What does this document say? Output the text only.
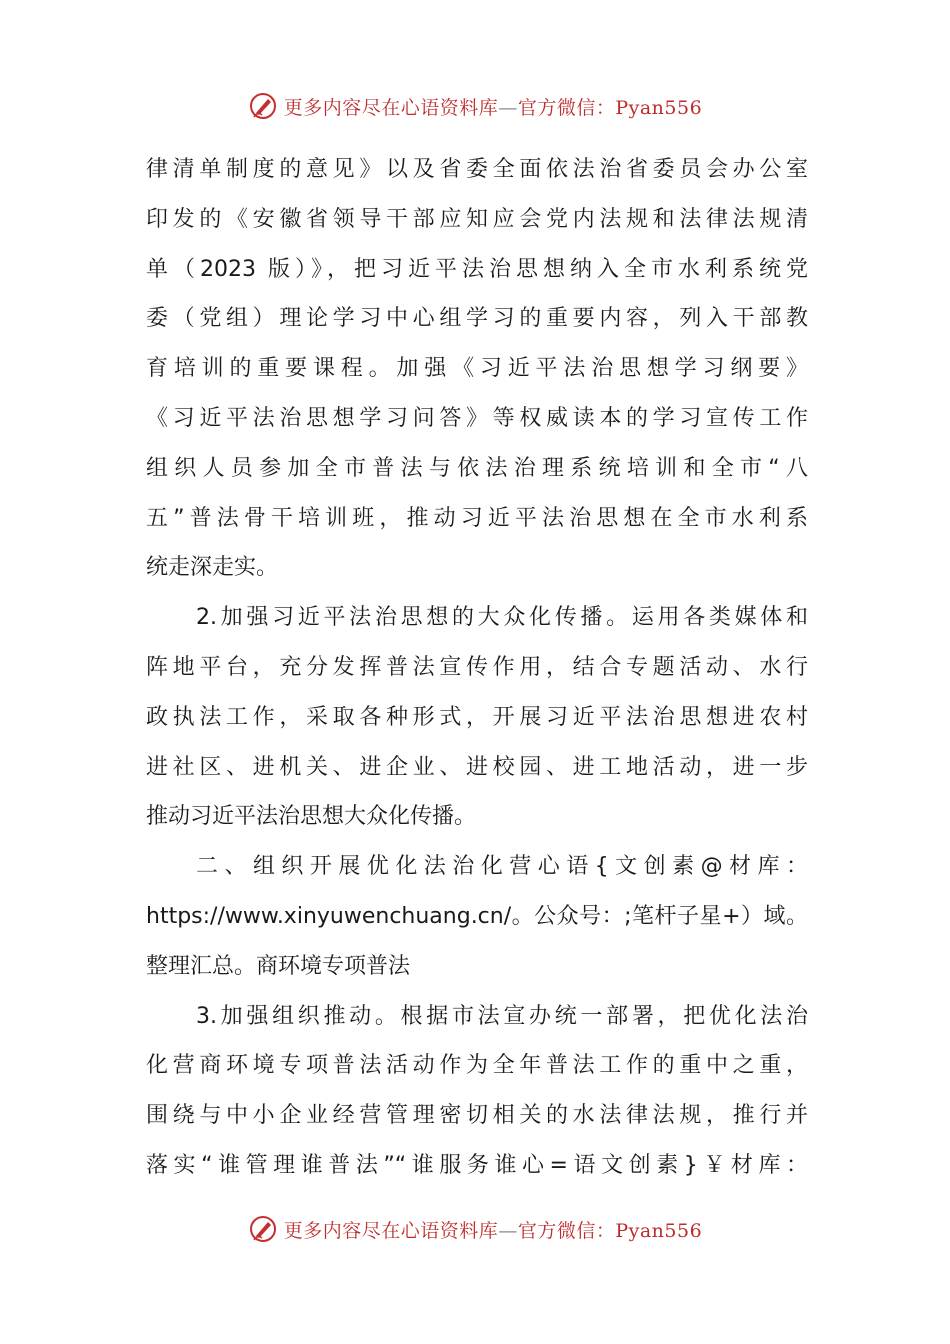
更多内容尽在心语资料库—官方微信：Pyan556
律清单制度的意见》以及省委全面依法治省委员会办公室
印发的《安徽省领导干部应知应会党内法规和法律法规清
单（2023 版）》，把习近平法治思想纳入全市水利系统党
委（党组）理论学习中心组学习的重要内容，列入干部教
育培训的重要课程。加强《习近平法治思想学习纲要》
《习近平法治思想学习问答》等权威读本的学习宣传工作
组织人员参加全市普法与依法治理系统培训和全市“八
五”普法骨干培训班，推动习近平法治思想在全市水利系
统走深走实。
2.加强习近平法治思想的大众化传播。运用各类媒体和
阵地平台，充分发挥普法宣传作用，结合专题活动、水行
政执法工作，采取各种形式，开展习近平法治思想进农村
进社区、进机关、进企业、进校园、进工地活动，进一步
推动习近平法治思想大众化传播。
二、组织开展优化法治化营心语{文创素@材库：
https://www.xinyuwenchuang.cn/。公众号：;笔杆子星+）域。
整理汇总。商环境专项普法
3.加强组织推动。根据市法宣办统一部署，把优化法治
化营商环境专项普法活动作为全年普法工作的重中之重，
围绕与中小企业经营管理密切相关的水法律法规，推行并
落实“谁管理谁普法”“谁服务谁心=语文创素}￥材库：
更多内容尽在心语资料库—官方微信：Pyan556
